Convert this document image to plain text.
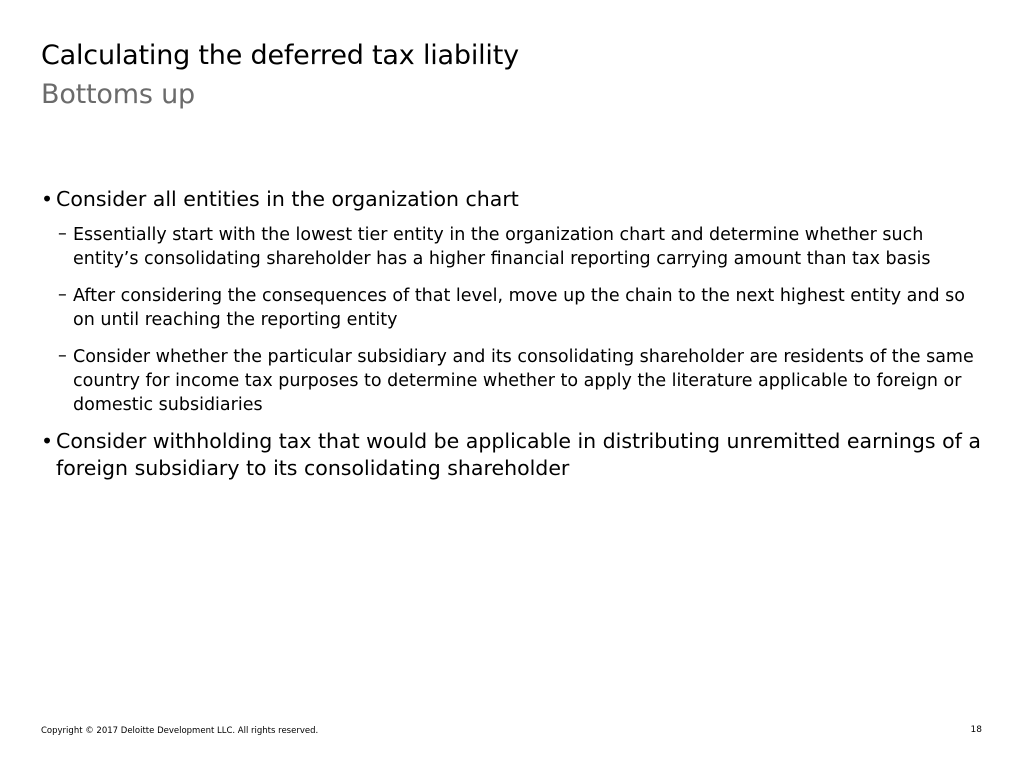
Calculating the deferred tax liability
Bottoms up
• Consider all entities in the organization chart
– Essentially start with the lowest tier entity in the organization chart and determine whether such entity’s consolidating shareholder has a higher financial reporting carrying amount than tax basis
– After considering the consequences of that level, move up the chain to the next highest entity and so on until reaching the reporting entity
– Consider whether the particular subsidiary and its consolidating shareholder are residents of the same country for income tax purposes to determine whether to apply the literature applicable to foreign or domestic subsidiaries
• Consider withholding tax that would be applicable in distributing unremitted earnings of a foreign subsidiary to its consolidating shareholder
Copyright © 2017 Deloitte Development LLC. All rights reserved.	18
